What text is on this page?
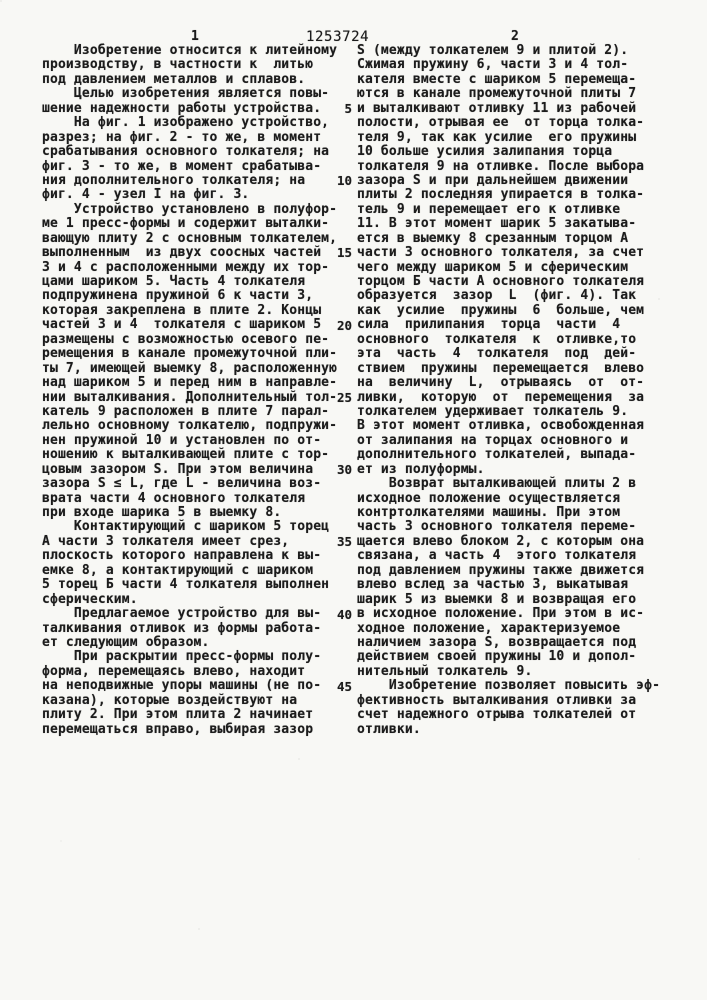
1	1253724	2
Изобретение относится к литейному
производству, в частности к  литью
под давлением металлов и сплавов.
Целью изобретения является повы-
шение надежности работы устройства.
На фиг. 1 изображено устройство,
разрез; на фиг. 2 - то же, в момент
срабатывания основного толкателя; на
фиг. 3 - то же, в момент срабатыва-
ния дополнительного толкателя; на
фиг. 4 - узел I на фиг. 3.
Устройство установлено в полуфор-
ме 1 пресс-формы и содержит выталки-
вающую плиту 2 с основным толкателем,
выполненным  из двух соосных частей
3 и 4 с расположенными между их тор-
цами шариком 5. Часть 4 толкателя
подпружинена пружиной 6 к части 3,
которая закреплена в плите 2. Концы
частей 3 и 4  толкателя с шариком 5
размещены с возможностью осевого пе-
ремещения в канале промежуточной пли-
ты 7, имеющей выемку 8, расположенную
над шариком 5 и перед ним в направле-
нии выталкивания. Дополнительный тол-
катель 9 расположен в плите 7 парал-
лельно основному толкателю, подпружи-
нен пружиной 10 и установлен по от-
ношению к выталкивающей плите с тор-
цовым зазором S. При этом величина
зазора S ≤ L, где L - величина воз-
врата части 4 основного толкателя
при входе шарика 5 в выемку 8.
Контактирующий с шариком 5 торец
А части 3 толкателя имеет срез,
плоскость которого направлена к вы-
емке 8, а контактирующий с шариком
5 торец Б части 4 толкателя выполнен
сферическим.
Предлагаемое устройство для вы-
талкивания отливок из формы работа-
ет следующим образом.
При раскрытии пресс-формы полу-
форма, перемещаясь влево, находит
на неподвижные упоры машины (не по-
казана), которые воздействуют на
плиту 2. При этом плита 2 начинает
перемещаться вправо, выбирая зазор
5
10
15
20
25
30
35
40
45
S (между толкателем 9 и плитой 2).
Сжимая пружину 6, части 3 и 4 тол-
кателя вместе с шариком 5 перемеща-
ются в канале промежуточной плиты 7
и выталкивают отливку 11 из рабочей
полости, отрывая ее  от торца толка-
теля 9, так как усилие  его пружины
10 больше усилия залипания торца
толкателя 9 на отливке. После выбора
зазора S и при дальнейшем движении
плиты 2 последняя упирается в толка-
тель 9 и перемещает его к отливке
11. В этот момент шарик 5 закатыва-
ется в выемку 8 срезанным торцом А
части 3 основного толкателя, за счет
чего между шариком 5 и сферическим
торцом Б части А основного толкателя
образуется  зазор  L  (фиг. 4). Так
как  усилие  пружины  6  больше, чем
сила  прилипания  торца  части  4
основного  толкателя  к  отливке,то
эта  часть  4  толкателя  под  дей-
ствием  пружины  перемещается  влево
на  величину  L,  отрываясь  от  от-
ливки,  которую  от  перемещения  за
толкателем удерживает толкатель 9.
В этот момент отливка, освобожденная
от залипания на торцах основного и
дополнительного толкателей, выпада-
ет из полуформы.
Возврат выталкивающей плиты 2 в
исходное положение осуществляется
контртолкателями машины. При этом
часть 3 основного толкателя переме-
щается влево блоком 2, с которым она
связана, а часть 4  этого толкателя
под давлением пружины также движется
влево вслед за частью 3, выкатывая
шарик 5 из выемки 8 и возвращая его
в исходное положение. При этом в ис-
ходное положение, характеризуемое
наличием зазора S, возвращается под
действием своей пружины 10 и допол-
нительный толкатель 9.
Изобретение позволяет повысить эф-
фективность выталкивания отливки за
счет надежного отрыва толкателей от
отливки.
